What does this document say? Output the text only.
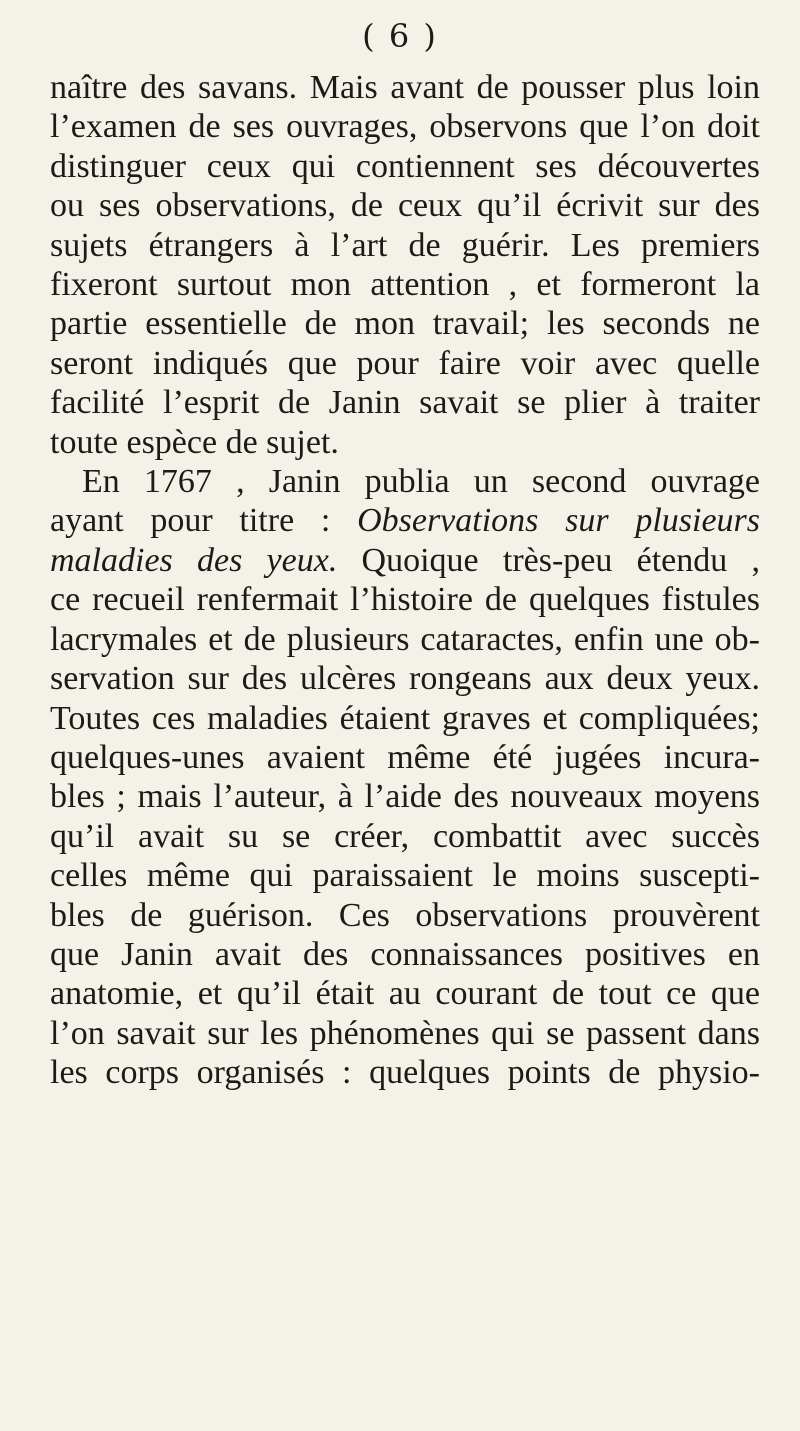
( 6 )
naître des savans. Mais avant de pousser plus loin
l’examen de ses ouvrages, observons que l’on doit
distinguer ceux qui contiennent ses découvertes
ou ses observations, de ceux qu’il écrivit sur des
sujets étrangers à l’art de guérir. Les premiers
fixeront surtout mon attention , et formeront la
partie essentielle de mon travail; les seconds ne
seront indiqués que pour faire voir avec quelle
facilité l’esprit de Janin savait se plier à traiter
toute espèce de sujet.
En 1767 , Janin publia un second ouvrage
ayant pour titre : Observations sur plusieurs
maladies des yeux. Quoique très-peu étendu ,
ce recueil renfermait l’histoire de quelques fistules
lacrymales et de plusieurs cataractes, enfin une ob-
servation sur des ulcères rongeans aux deux yeux.
Toutes ces maladies étaient graves et compliquées;
quelques-unes avaient même été jugées incura-
bles ; mais l’auteur, à l’aide des nouveaux moyens
qu’il avait su se créer, combattit avec succès
celles même qui paraissaient le moins suscepti-
bles de guérison. Ces observations prouvèrent
que Janin avait des connaissances positives en
anatomie, et qu’il était au courant de tout ce que
l’on savait sur les phénomènes qui se passent dans
les corps organisés : quelques points de physio-
